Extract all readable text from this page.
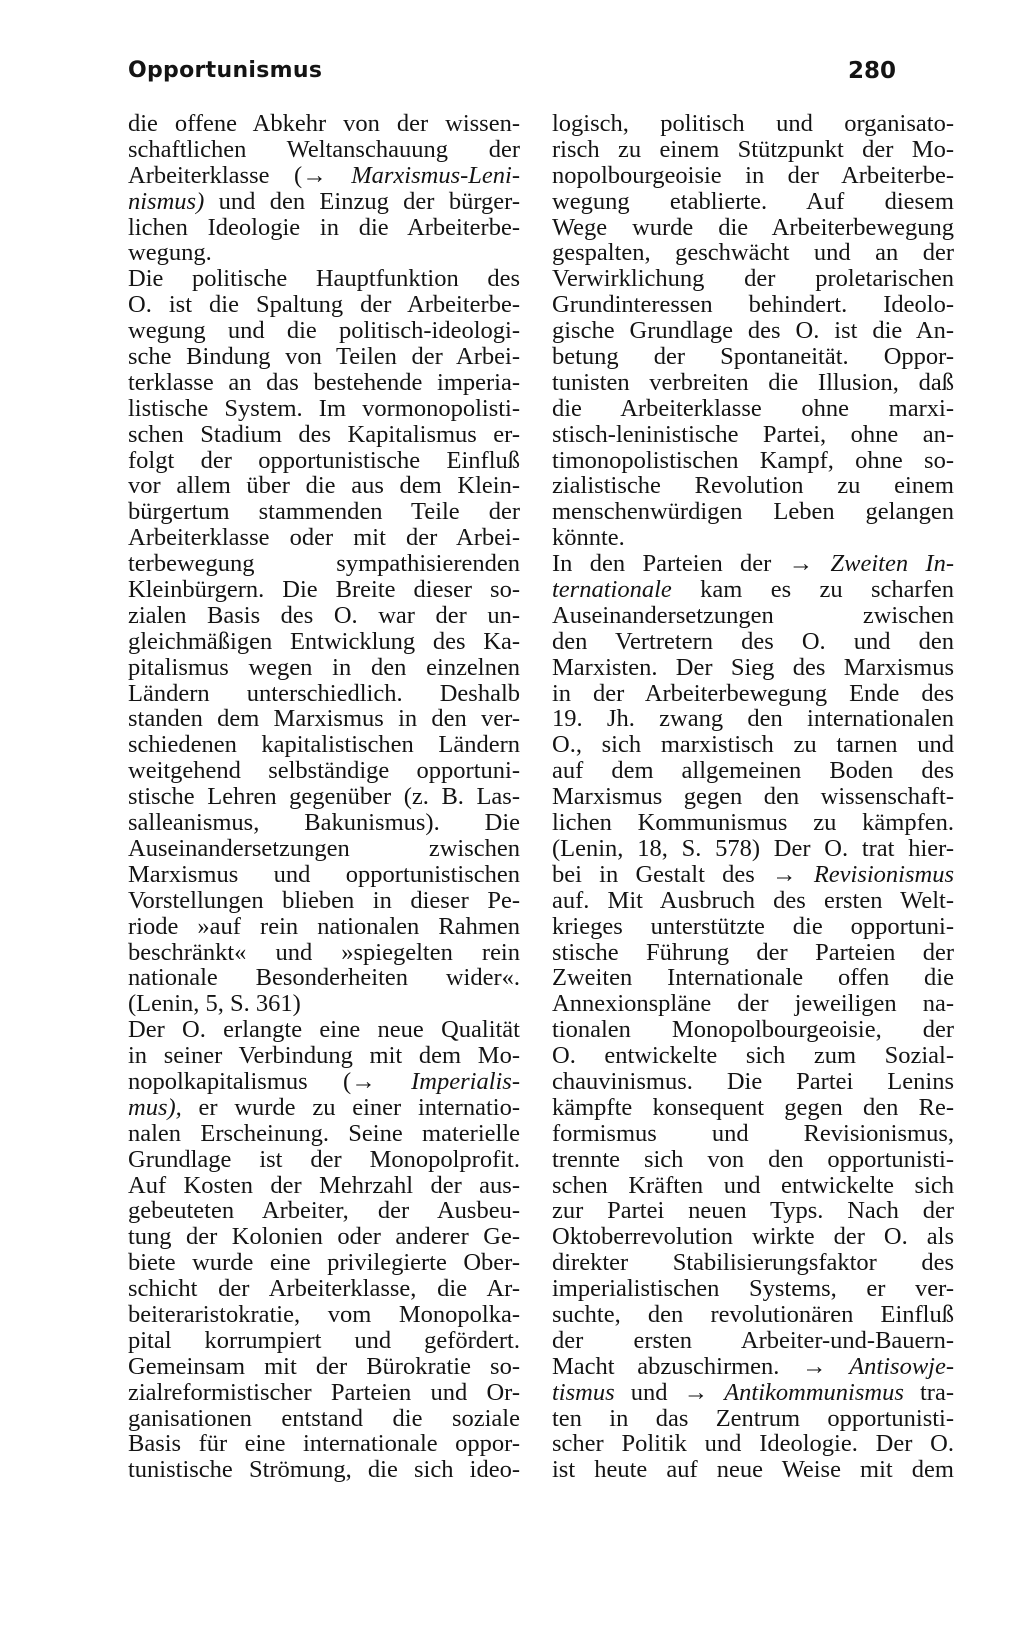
Opportunismus	280
die offene Abkehr von der wissen-
schaftlichen Weltanschauung der
Arbeiterklasse (→ Marxismus-Leni-
nismus) und den Einzug der bürger-
lichen Ideologie in die Arbeiterbe-
wegung.
Die politische Hauptfunktion des
O. ist die Spaltung der Arbeiterbe-
wegung und die politisch-ideologi-
sche Bindung von Teilen der Arbei-
terklasse an das bestehende imperia-
listische System. Im vormonopolisti-
schen Stadium des Kapitalismus er-
folgt der opportunistische Einfluß
vor allem über die aus dem Klein-
bürgertum stammenden Teile der
Arbeiterklasse oder mit der Arbei-
terbewegung sympathisierenden
Kleinbürgern. Die Breite dieser so-
zialen Basis des O. war der un-
gleichmäßigen Entwicklung des Ka-
pitalismus wegen in den einzelnen
Ländern unterschiedlich. Deshalb
standen dem Marxismus in den ver-
schiedenen kapitalistischen Ländern
weitgehend selbständige opportuni-
stische Lehren gegenüber (z. B. Las-
salleanismus, Bakunismus). Die
Auseinandersetzungen zwischen
Marxismus und opportunistischen
Vorstellungen blieben in dieser Pe-
riode »auf rein nationalen Rahmen
beschränkt« und »spiegelten rein
nationale Besonderheiten wider«.
(Lenin, 5, S. 361)
Der O. erlangte eine neue Qualität
in seiner Verbindung mit dem Mo-
nopolkapitalismus (→ Imperialis-
mus), er wurde zu einer internatio-
nalen Erscheinung. Seine materielle
Grundlage ist der Monopolprofit.
Auf Kosten der Mehrzahl der aus-
gebeuteten Arbeiter, der Ausbeu-
tung der Kolonien oder anderer Ge-
biete wurde eine privilegierte Ober-
schicht der Arbeiterklasse, die Ar-
beiteraristokratie, vom Monopolka-
pital korrumpiert und gefördert.
Gemeinsam mit der Bürokratie so-
zialreformistischer Parteien und Or-
ganisationen entstand die soziale
Basis für eine internationale oppor-
tunistische Strömung, die sich ideo-
logisch, politisch und organisato-
risch zu einem Stützpunkt der Mo-
nopolbourgeoisie in der Arbeiterbe-
wegung etablierte. Auf diesem
Wege wurde die Arbeiterbewegung
gespalten, geschwächt und an der
Verwirklichung der proletarischen
Grundinteressen behindert. Ideolo-
gische Grundlage des O. ist die An-
betung der Spontaneität. Oppor-
tunisten verbreiten die Illusion, daß
die Arbeiterklasse ohne marxi-
stisch-leninistische Partei, ohne an-
timonopolistischen Kampf, ohne so-
zialistische Revolution zu einem
menschenwürdigen Leben gelangen
könnte.
In den Parteien der → Zweiten In-
ternationale kam es zu scharfen
Auseinandersetzungen zwischen
den Vertretern des O. und den
Marxisten. Der Sieg des Marxismus
in der Arbeiterbewegung Ende des
19. Jh. zwang den internationalen
O., sich marxistisch zu tarnen und
auf dem allgemeinen Boden des
Marxismus gegen den wissenschaft-
lichen Kommunismus zu kämpfen.
(Lenin, 18, S. 578) Der O. trat hier-
bei in Gestalt des → Revisionismus
auf. Mit Ausbruch des ersten Welt-
krieges unterstützte die opportuni-
stische Führung der Parteien der
Zweiten Internationale offen die
Annexionspläne der jeweiligen na-
tionalen Monopolbourgeoisie, der
O. entwickelte sich zum Sozial-
chauvinismus. Die Partei Lenins
kämpfte konsequent gegen den Re-
formismus und Revisionismus,
trennte sich von den opportunisti-
schen Kräften und entwickelte sich
zur Partei neuen Typs. Nach der
Oktoberrevolution wirkte der O. als
direkter Stabilisierungsfaktor des
imperialistischen Systems, er ver-
suchte, den revolutionären Einfluß
der ersten Arbeiter-und-Bauern-
Macht abzuschirmen. → Antisowje-
tismus und → Antikommunismus tra-
ten in das Zentrum opportunisti-
scher Politik und Ideologie. Der O.
ist heute auf neue Weise mit dem
